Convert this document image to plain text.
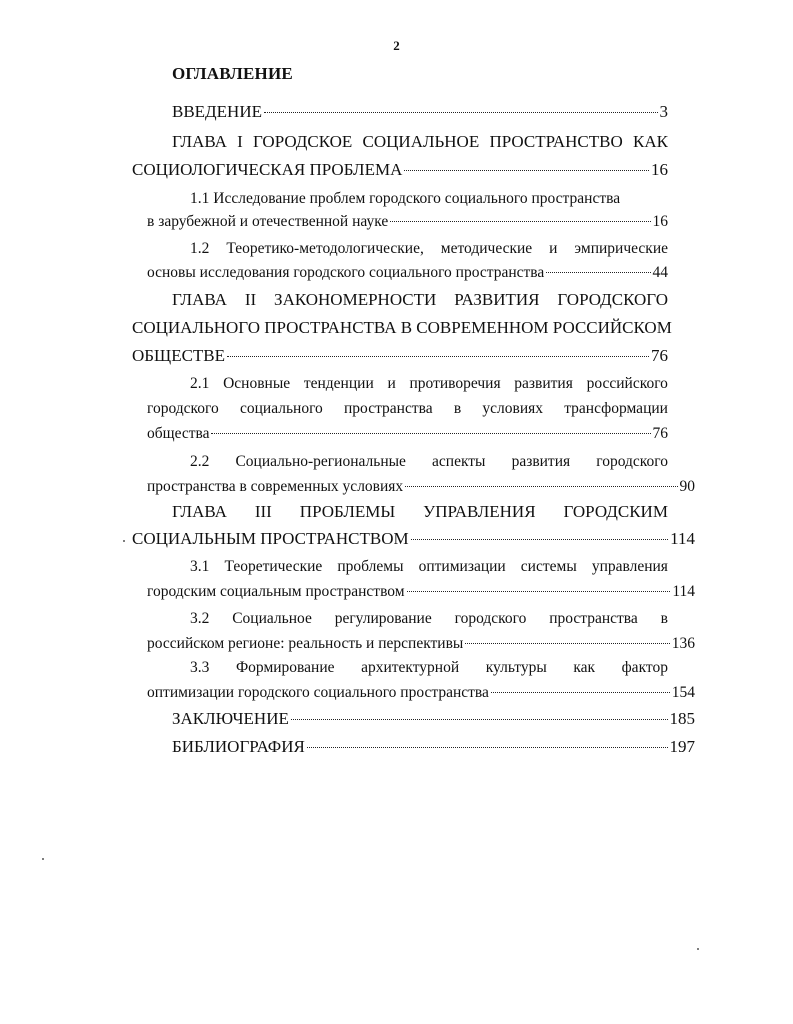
2
ОГЛАВЛЕНИЕ
ВВЕДЕНИЕ	3
ГЛАВА I ГОРОДСКОЕ СОЦИАЛЬНОЕ ПРОСТРАНСТВО КАК
СОЦИОЛОГИЧЕСКАЯ ПРОБЛЕМА	16
1.1 Исследование проблем городского социального пространства
в зарубежной и отечественной науке	16
1.2 Теоретико-методологические, методические и эмпирические
основы исследования городского социального пространства	44
ГЛАВА II ЗАКОНОМЕРНОСТИ РАЗВИТИЯ ГОРОДСКОГО
СОЦИАЛЬНОГО ПРОСТРАНСТВА В СОВРЕМЕННОМ РОССИЙСКОМ
ОБЩЕСТВЕ	76
2.1 Основные тенденции и противоречия развития российского
городского социального пространства в условиях трансформации
общества	76
2.2 Социально-региональные аспекты развития городского
пространства в современных условиях	90
ГЛАВА III ПРОБЛЕМЫ УПРАВЛЕНИЯ ГОРОДСКИМ
СОЦИАЛЬНЫМ ПРОСТРАНСТВОМ	114
3.1 Теоретические проблемы оптимизации системы управления
городским социальным пространством	114
3.2 Социальное регулирование городского пространства в
российском регионе: реальность и перспективы	136
3.3 Формирование архитектурной культуры как фактор
оптимизации городского социального пространства	154
ЗАКЛЮЧЕНИЕ	185
БИБЛИОГРАФИЯ	197
